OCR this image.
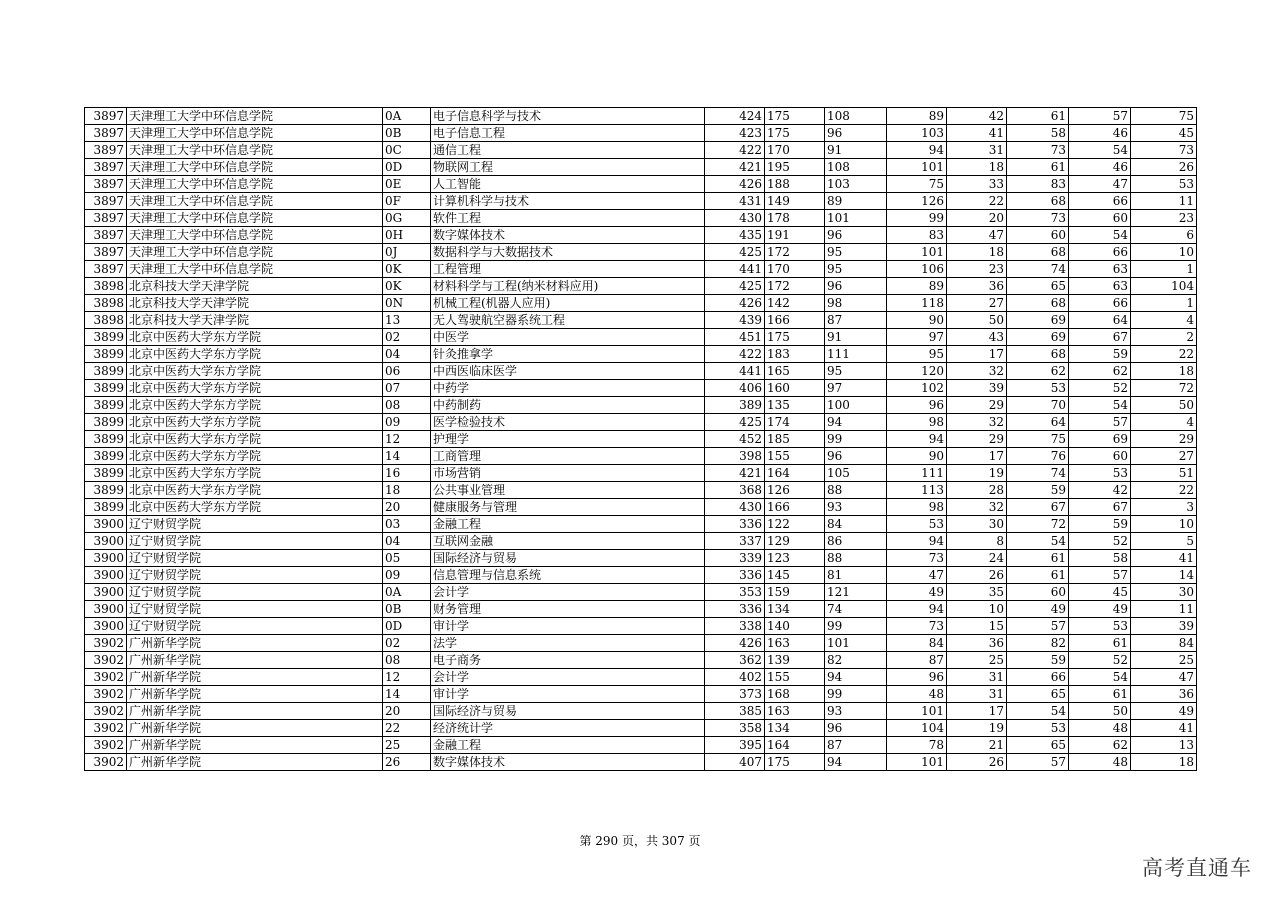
3897	天津理工大学中环信息学院	0A	电子信息科学与技术	424	175	108	89	42	61	57	75
3897	天津理工大学中环信息学院	0B	电子信息工程	423	175	96	103	41	58	46	45
3897	天津理工大学中环信息学院	0C	通信工程	422	170	91	94	31	73	54	73
3897	天津理工大学中环信息学院	0D	物联网工程	421	195	108	101	18	61	46	26
3897	天津理工大学中环信息学院	0E	人工智能	426	188	103	75	33	83	47	53
3897	天津理工大学中环信息学院	0F	计算机科学与技术	431	149	89	126	22	68	66	11
3897	天津理工大学中环信息学院	0G	软件工程	430	178	101	99	20	73	60	23
3897	天津理工大学中环信息学院	0H	数字媒体技术	435	191	96	83	47	60	54	6
3897	天津理工大学中环信息学院	0J	数据科学与大数据技术	425	172	95	101	18	68	66	10
3897	天津理工大学中环信息学院	0K	工程管理	441	170	95	106	23	74	63	1
3898	北京科技大学天津学院	0K	材料科学与工程(纳米材料应用)	425	172	96	89	36	65	63	104
3898	北京科技大学天津学院	0N	机械工程(机器人应用)	426	142	98	118	27	68	66	1
3898	北京科技大学天津学院	13	无人驾驶航空器系统工程	439	166	87	90	50	69	64	4
3899	北京中医药大学东方学院	02	中医学	451	175	91	97	43	69	67	2
3899	北京中医药大学东方学院	04	针灸推拿学	422	183	111	95	17	68	59	22
3899	北京中医药大学东方学院	06	中西医临床医学	441	165	95	120	32	62	62	18
3899	北京中医药大学东方学院	07	中药学	406	160	97	102	39	53	52	72
3899	北京中医药大学东方学院	08	中药制药	389	135	100	96	29	70	54	50
3899	北京中医药大学东方学院	09	医学检验技术	425	174	94	98	32	64	57	4
3899	北京中医药大学东方学院	12	护理学	452	185	99	94	29	75	69	29
3899	北京中医药大学东方学院	14	工商管理	398	155	96	90	17	76	60	27
3899	北京中医药大学东方学院	16	市场营销	421	164	105	111	19	74	53	51
3899	北京中医药大学东方学院	18	公共事业管理	368	126	88	113	28	59	42	22
3899	北京中医药大学东方学院	20	健康服务与管理	430	166	93	98	32	67	67	3
3900	辽宁财贸学院	03	金融工程	336	122	84	53	30	72	59	10
3900	辽宁财贸学院	04	互联网金融	337	129	86	94	8	54	52	5
3900	辽宁财贸学院	05	国际经济与贸易	339	123	88	73	24	61	58	41
3900	辽宁财贸学院	09	信息管理与信息系统	336	145	81	47	26	61	57	14
3900	辽宁财贸学院	0A	会计学	353	159	121	49	35	60	45	30
3900	辽宁财贸学院	0B	财务管理	336	134	74	94	10	49	49	11
3900	辽宁财贸学院	0D	审计学	338	140	99	73	15	57	53	39
3902	广州新华学院	02	法学	426	163	101	84	36	82	61	84
3902	广州新华学院	08	电子商务	362	139	82	87	25	59	52	25
3902	广州新华学院	12	会计学	402	155	94	96	31	66	54	47
3902	广州新华学院	14	审计学	373	168	99	48	31	65	61	36
3902	广州新华学院	20	国际经济与贸易	385	163	93	101	17	54	50	49
3902	广州新华学院	22	经济统计学	358	134	96	104	19	53	48	41
3902	广州新华学院	25	金融工程	395	164	87	78	21	65	62	13
3902	广州新华学院	26	数字媒体技术	407	175	94	101	26	57	48	18
第 290 页，共 307 页
高考直通车
